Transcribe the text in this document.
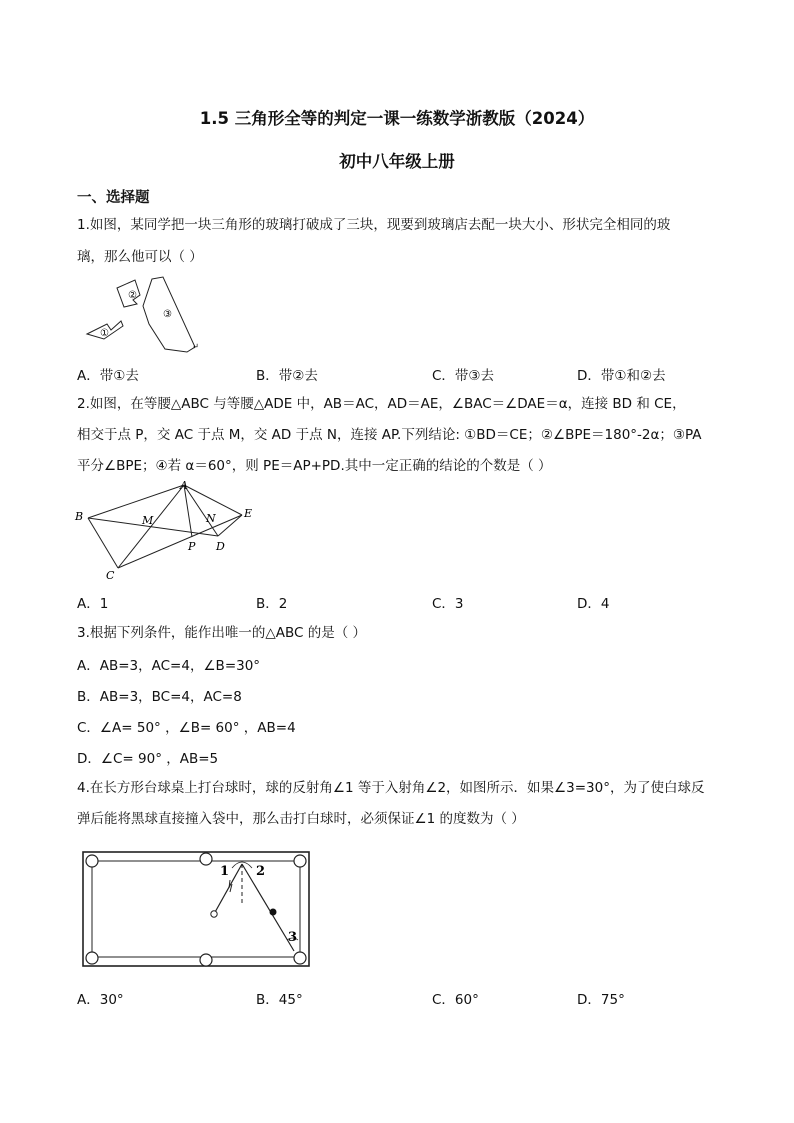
1.5 三角形全等的判定一课一练数学浙教版（2024）
初中八年级上册
一、选择题
1.如图，某同学把一块三角形的玻璃打破成了三块，现要到玻璃店去配一块大小、形状完全相同的玻
璃，那么他可以（ ）
②
③
①
↵
A．带①去	B．带②去	C．带③去	D．带①和②去
2.如图，在等腰△ABC 与等腰△ADE 中，AB＝AC，AD＝AE，∠BAC＝∠DAE＝α，连接 BD 和 CE，
相交于点 P，交 AC 于点 M，交 AD 于点 N，连接 AP.下列结论: ①BD＝CE；②∠BPE＝180°-2α；③PA
平分∠BPE；④若 α＝60°，则 PE＝AP+PD.其中一定正确的结论的个数是（ ）
A
B
C
D
E
M	N
P
A．1	B．2	C．3	D．4
3.根据下列条件，能作出唯一的△ABC 的是（ ）
A．AB=3，AC=4，∠B=30°
B．AB=3，BC=4，AC=8
C．∠A= 50° ，∠B= 60° ，AB=4
D．∠C= 90° ，AB=5
4.在长方形台球桌上打台球时，球的反射角∠1 等于入射角∠2，如图所示．如果∠3=30°，为了使白球反
弹后能将黑球直接撞入袋中，那么击打白球时，必须保证∠1 的度数为（ ）
1 2
3
A．30°	B．45°	C．60°	D．75°
